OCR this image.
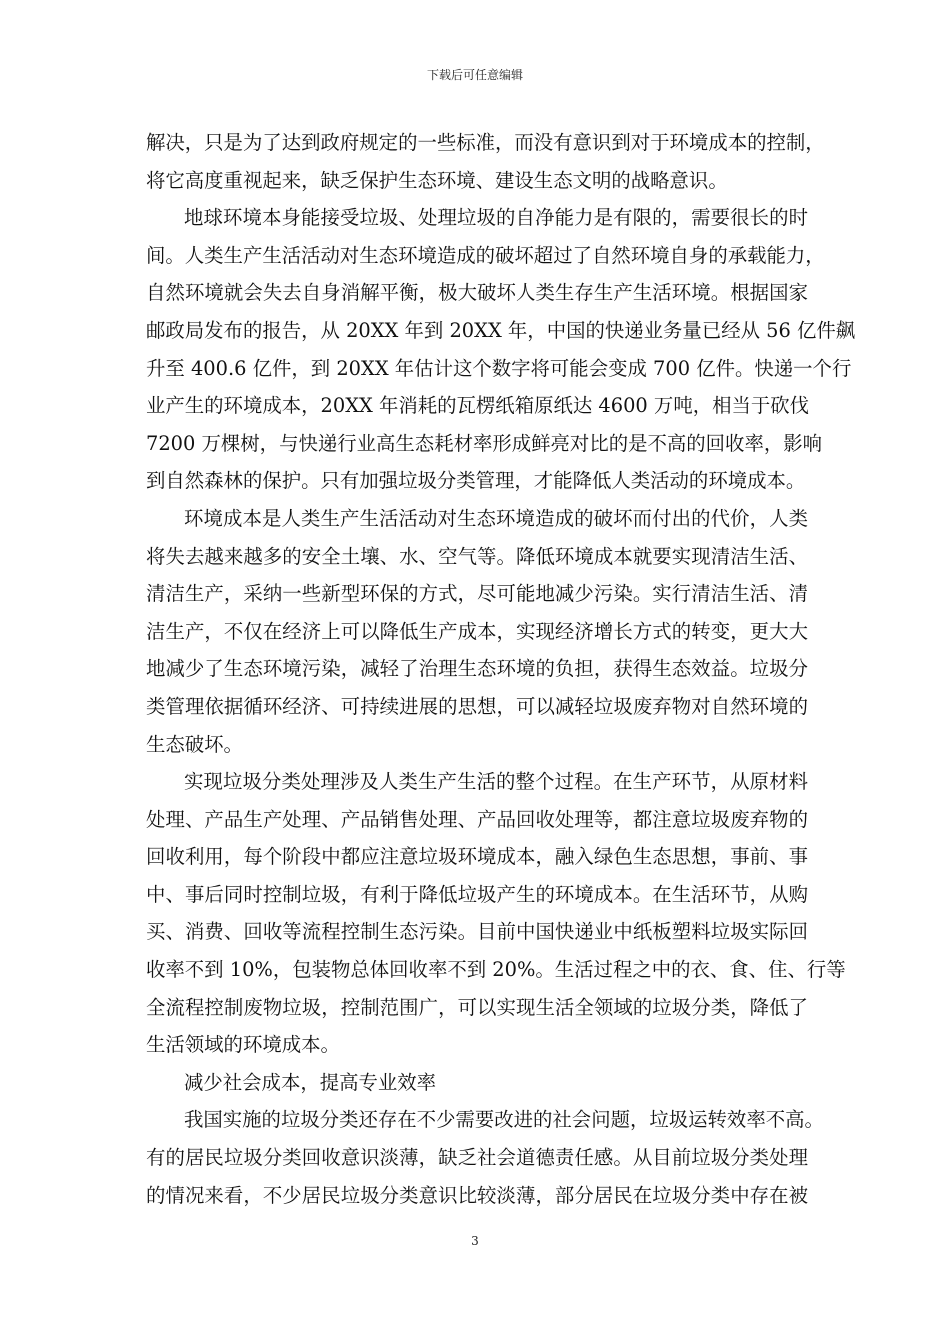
下载后可任意编辑
解决，只是为了达到政府规定的一些标准，而没有意识到对于环境成本的控制，
将它高度重视起来，缺乏保护生态环境、建设生态文明的战略意识。
地球环境本身能接受垃圾、处理垃圾的自净能力是有限的，需要很长的时
间。人类生产生活活动对生态环境造成的破坏超过了自然环境自身的承载能力，
自然环境就会失去自身消解平衡，极大破坏人类生存生产生活环境。根据国家
邮政局发布的报告，从 20XX 年到 20XX 年，中国的快递业务量已经从 56 亿件飙
升至 400.6 亿件，到 20XX 年估计这个数字将可能会变成 700 亿件。快递一个行
业产生的环境成本，20XX 年消耗的瓦楞纸箱原纸达 4600 万吨，相当于砍伐
7200 万棵树，与快递行业高生态耗材率形成鲜亮对比的是不高的回收率，影响
到自然森林的保护。只有加强垃圾分类管理，才能降低人类活动的环境成本。
环境成本是人类生产生活活动对生态环境造成的破坏而付出的代价，人类
将失去越来越多的安全土壤、水、空气等。降低环境成本就要实现清洁生活、
清洁生产，采纳一些新型环保的方式，尽可能地减少污染。实行清洁生活、清
洁生产，不仅在经济上可以降低生产成本，实现经济增长方式的转变，更大大
地减少了生态环境污染，减轻了治理生态环境的负担，获得生态效益。垃圾分
类管理依据循环经济、可持续进展的思想，可以减轻垃圾废弃物对自然环境的
生态破坏。
实现垃圾分类处理涉及人类生产生活的整个过程。在生产环节，从原材料
处理、产品生产处理、产品销售处理、产品回收处理等，都注意垃圾废弃物的
回收利用，每个阶段中都应注意垃圾环境成本，融入绿色生态思想，事前、事
中、事后同时控制垃圾，有利于降低垃圾产生的环境成本。在生活环节，从购
买、消费、回收等流程控制生态污染。目前中国快递业中纸板塑料垃圾实际回
收率不到 10%，包装物总体回收率不到 20%。生活过程之中的衣、食、住、行等
全流程控制废物垃圾，控制范围广，可以实现生活全领域的垃圾分类，降低了
生活领域的环境成本。
减少社会成本，提高专业效率
我国实施的垃圾分类还存在不少需要改进的社会问题，垃圾运转效率不高。
有的居民垃圾分类回收意识淡薄，缺乏社会道德责任感。从目前垃圾分类处理
的情况来看，不少居民垃圾分类意识比较淡薄，部分居民在垃圾分类中存在被
3
